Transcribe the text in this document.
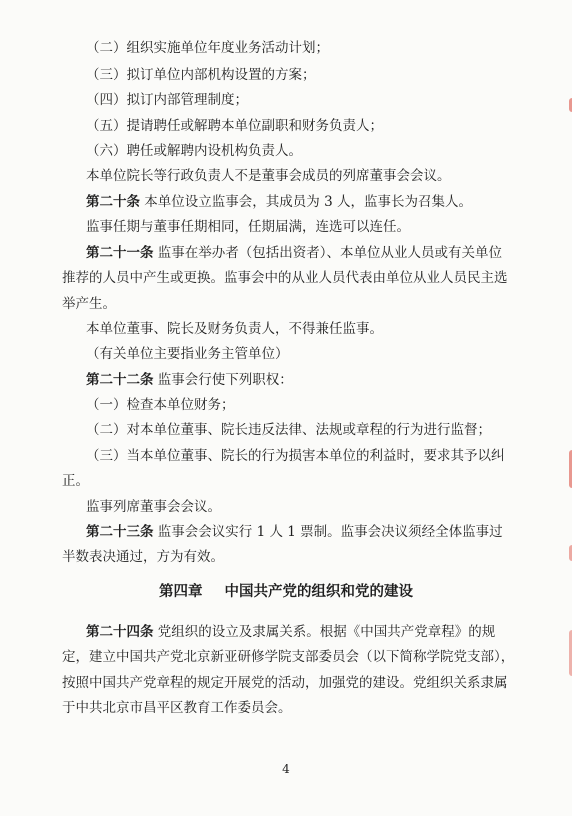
（二）组织实施单位年度业务活动计划；
（三）拟订单位内部机构设置的方案；
（四）拟订内部管理制度；
（五）提请聘任或解聘本单位副职和财务负责人；
（六）聘任或解聘内设机构负责人。
本单位院长等行政负责人不是董事会成员的列席董事会会议。
第二十条 本单位设立监事会，其成员为 3 人，监事长为召集人。
监事任期与董事任期相同，任期届满，连选可以连任。
第二十一条 监事在举办者（包括出资者）、本单位从业人员或有关单位
推荐的人员中产生或更换。监事会中的从业人员代表由单位从业人员民主选
举产生。
本单位董事、院长及财务负责人，不得兼任监事。
（有关单位主要指业务主管单位）
第二十二条 监事会行使下列职权：
（一）检查本单位财务；
（二）对本单位董事、院长违反法律、法规或章程的行为进行监督；
（三）当本单位董事、院长的行为损害本单位的利益时，要求其予以纠
正。
监事列席董事会会议。
第二十三条 监事会会议实行 1 人 1 票制。监事会决议须经全体监事过
半数表决通过，方为有效。
第四章 中国共产党的组织和党的建设
第二十四条 党组织的设立及隶属关系。根据《中国共产党章程》的规
定，建立中国共产党北京新亚研修学院支部委员会（以下简称学院党支部），
按照中国共产党章程的规定开展党的活动，加强党的建设。党组织关系隶属
于中共北京市昌平区教育工作委员会。
4
